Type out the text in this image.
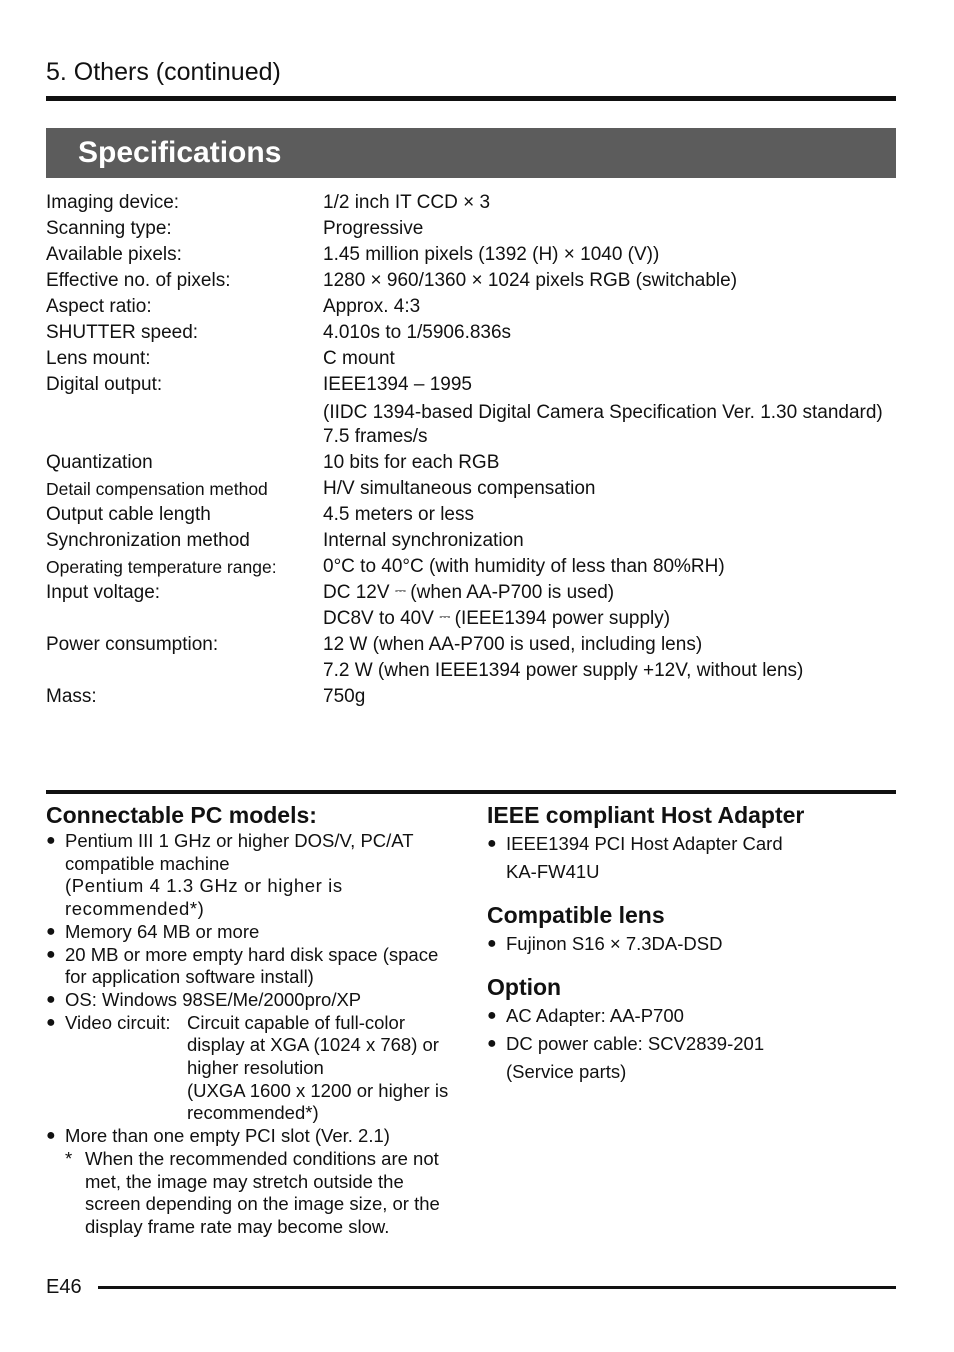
5. Others (continued)
Specifications
Imaging device:	1/2 inch IT CCD × 3
Scanning type:	Progressive
Available pixels:	1.45 million pixels (1392 (H) × 1040 (V))
Effective no. of pixels:	1280 × 960/1360 × 1024 pixels RGB (switchable)
Aspect ratio:	Approx. 4:3
SHUTTER speed:	4.010s to 1/5906.836s
Lens mount:	C mount
Digital output:	IEEE1394 – 1995
(IIDC 1394-based Digital Camera Specification Ver. 1.30 standard)
7.5 frames/s
Quantization	10 bits for each RGB
Detail compensation method	H/V simultaneous compensation
Output cable length	4.5 meters or less
Synchronization method	Internal synchronization
Operating temperature range:	0°C to 40°C (with humidity of less than 80%RH)
Input voltage:	DC 12V ⎓ (when AA-P700 is used)
DC8V to 40V ⎓ (IEEE1394 power supply)
Power consumption:	12 W (when AA-P700 is used, including lens)
7.2 W (when IEEE1394 power supply +12V, without lens)
Mass:	750g
Connectable PC models:
● Pentium III 1 GHz or higher DOS/V, PC/AT compatible machine
(Pentium 4 1.3 GHz or higher is recommended*)
● Memory 64 MB or more
● 20 MB or more empty hard disk space (space for application software install)
● OS: Windows 98SE/Me/2000pro/XP
● Video circuit: Circuit capable of full-color display at XGA (1024 x 768) or higher resolution
(UXGA 1600 x 1200 or higher is recommended*)
● More than one empty PCI slot (Ver. 2.1)
* When the recommended conditions are not met, the image may stretch outside the screen depending on the image size, or the display frame rate may become slow.
IEEE compliant Host Adapter
● IEEE1394 PCI Host Adapter Card
KA-FW41U
Compatible lens
● Fujinon S16 × 7.3DA-DSD
Option
● AC Adapter: AA-P700
● DC power cable: SCV2839-201
(Service parts)
E46
